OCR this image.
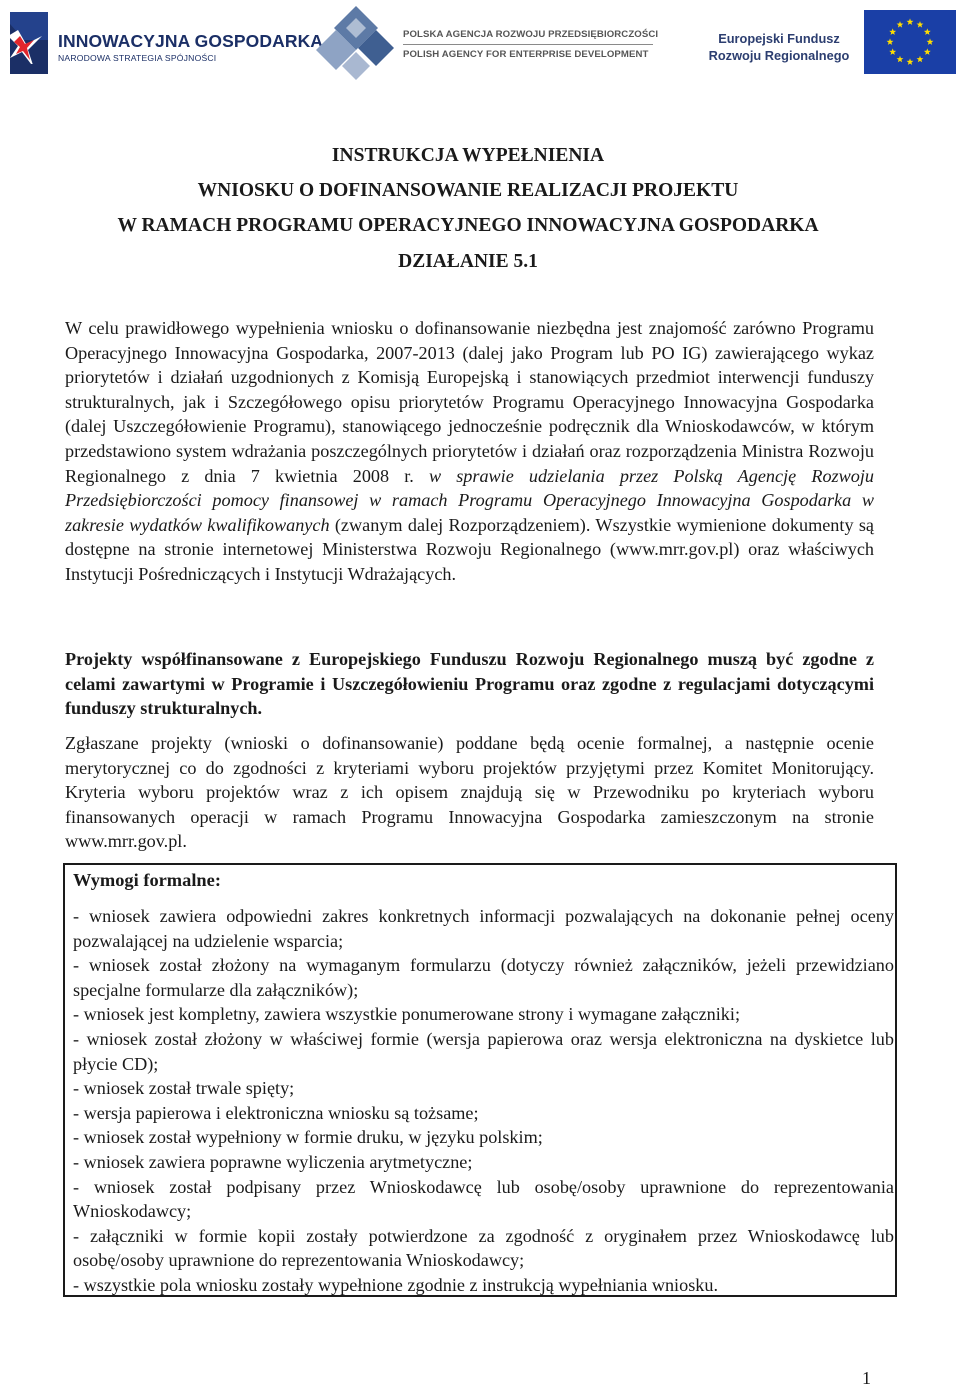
INNOWACYJNA GOSPODARKA
NARODOWA STRATEGIA SPÓJNOŚCI
POLSKA AGENCJA ROZWOJU PRZEDSIĘBIORCZOŚCI
POLISH AGENCY FOR ENTERPRISE DEVELOPMENT
Europejski Fundusz
Rozwoju Regionalnego
INSTRUKCJA WYPEŁNIENIA
WNIOSKU O DOFINANSOWANIE REALIZACJI PROJEKTU
W RAMACH PROGRAMU OPERACYJNEGO INNOWACYJNA GOSPODARKA
DZIAŁANIE 5.1

W celu prawidłowego wypełnienia wniosku o dofinansowanie niezbędna jest znajomość zarówno Programu Operacyjnego Innowacyjna Gospodarka, 2007-2013 (dalej jako Program lub PO IG) zawierającego wykaz priorytetów i działań uzgodnionych z Komisją Europejską i stanowiących przedmiot interwencji funduszy strukturalnych, jak i Szczegółowego opisu priorytetów Programu Operacyjnego Innowacyjna Gospodarka (dalej Uszczegółowienie Programu), stanowiącego jednocześnie podręcznik dla Wnioskodawców, w którym przedstawiono system wdrażania poszczególnych priorytetów i działań oraz rozporządzenia Ministra Rozwoju Regionalnego z dnia 7 kwietnia 2008 r. w sprawie udzielania przez Polską Agencję Rozwoju Przedsiębiorczości pomocy finansowej w ramach Programu Operacyjnego Innowacyjna Gospodarka w zakresie wydatków kwalifikowanych (zwanym dalej Rozporządzeniem). Wszystkie wymienione dokumenty są dostępne na stronie internetowej Ministerstwa Rozwoju Regionalnego (www.mrr.gov.pl) oraz właściwych Instytucji Pośredniczących i Instytucji Wdrażających.

Projekty współfinansowane z Europejskiego Funduszu Rozwoju Regionalnego muszą być zgodne z celami zawartymi w Programie i Uszczegółowieniu Programu oraz zgodne z regulacjami dotyczącymi funduszy strukturalnych.

Zgłaszane projekty (wnioski o dofinansowanie) poddane będą ocenie formalnej, a następnie ocenie merytorycznej co do zgodności z kryteriami wyboru projektów przyjętymi przez Komitet Monitorujący. Kryteria wyboru projektów wraz z ich opisem znajdują się w Przewodniku po kryteriach wyboru finansowanych operacji w ramach Programu Innowacyjna Gospodarka zamieszczonym na stronie www.mrr.gov.pl.

Wymogi formalne:
- wniosek zawiera odpowiedni zakres konkretnych informacji pozwalających na dokonanie pełnej oceny pozwalającej na udzielenie wsparcia;
- wniosek został złożony na wymaganym formularzu (dotyczy również załączników, jeżeli przewidziano specjalne formularze dla załączników);
- wniosek jest kompletny, zawiera wszystkie ponumerowane strony i wymagane załączniki;
- wniosek został złożony w właściwej formie (wersja papierowa oraz wersja elektroniczna na dyskietce lub płycie CD);
- wniosek został trwale spięty;
- wersja papierowa i elektroniczna wniosku są tożsame;
- wniosek został wypełniony w formie druku, w języku polskim;
- wniosek zawiera poprawne wyliczenia arytmetyczne;
- wniosek został podpisany przez Wnioskodawcę lub osobę/osoby uprawnione do reprezentowania Wnioskodawcy;
- załączniki w formie kopii zostały potwierdzone za zgodność z oryginałem przez Wnioskodawcę lub osobę/osoby uprawnione do reprezentowania Wnioskodawcy;
- wszystkie pola wniosku zostały wypełnione zgodnie z instrukcją wypełniania wniosku.
1
